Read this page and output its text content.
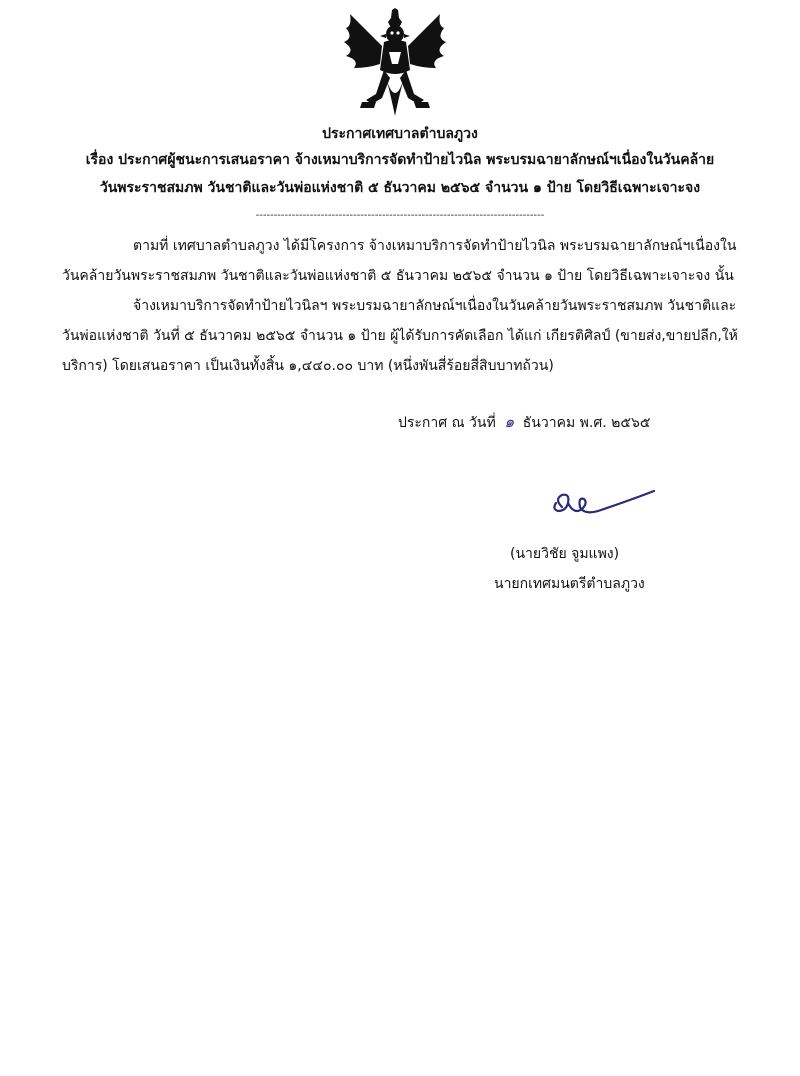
ประกาศเทศบาลตำบลภูวง
เรื่อง ประกาศผู้ชนะการเสนอราคา จ้างเหมาบริการจัดทำป้ายไวนิล พระบรมฉายาลักษณ์ฯเนื่องในวันคล้าย
วันพระราชสมภพ วันชาติและวันพ่อแห่งชาติ ๕ ธันวาคม ๒๕๖๕ จำนวน ๑ ป้าย โดยวิธีเฉพาะเจาะจง
--------------------------------------------------------------------------------
ตามที่ เทศบาลตำบลภูวง ได้มีโครงการ จ้างเหมาบริการจัดทำป้ายไวนิล พระบรมฉายาลักษณ์ฯเนื่องใน
วันคล้ายวันพระราชสมภพ วันชาติและวันพ่อแห่งชาติ ๕ ธันวาคม ๒๕๖๕ จำนวน ๑ ป้าย โดยวิธีเฉพาะเจาะจง นั้น
จ้างเหมาบริการจัดทำป้ายไวนิลฯ พระบรมฉายาลักษณ์ฯเนื่องในวันคล้ายวันพระราชสมภพ วันชาติและ
วันพ่อแห่งชาติ วันที่ ๕ ธันวาคม ๒๕๖๕ จำนวน ๑ ป้าย ผู้ได้รับการคัดเลือก ได้แก่ เกียรติศิลป์ (ขายส่ง,ขายปลีก,ให้
บริการ) โดยเสนอราคา เป็นเงินทั้งสิ้น ๑,๔๔๐.๐๐ บาท (หนึ่งพันสี่ร้อยสี่สิบบาทถ้วน)
ประกาศ ณ วันที่ ๑ ธันวาคม พ.ศ. ๒๕๖๕
(นายวิชัย จูมแพง)
นายกเทศมนตรีตำบลภูวง
